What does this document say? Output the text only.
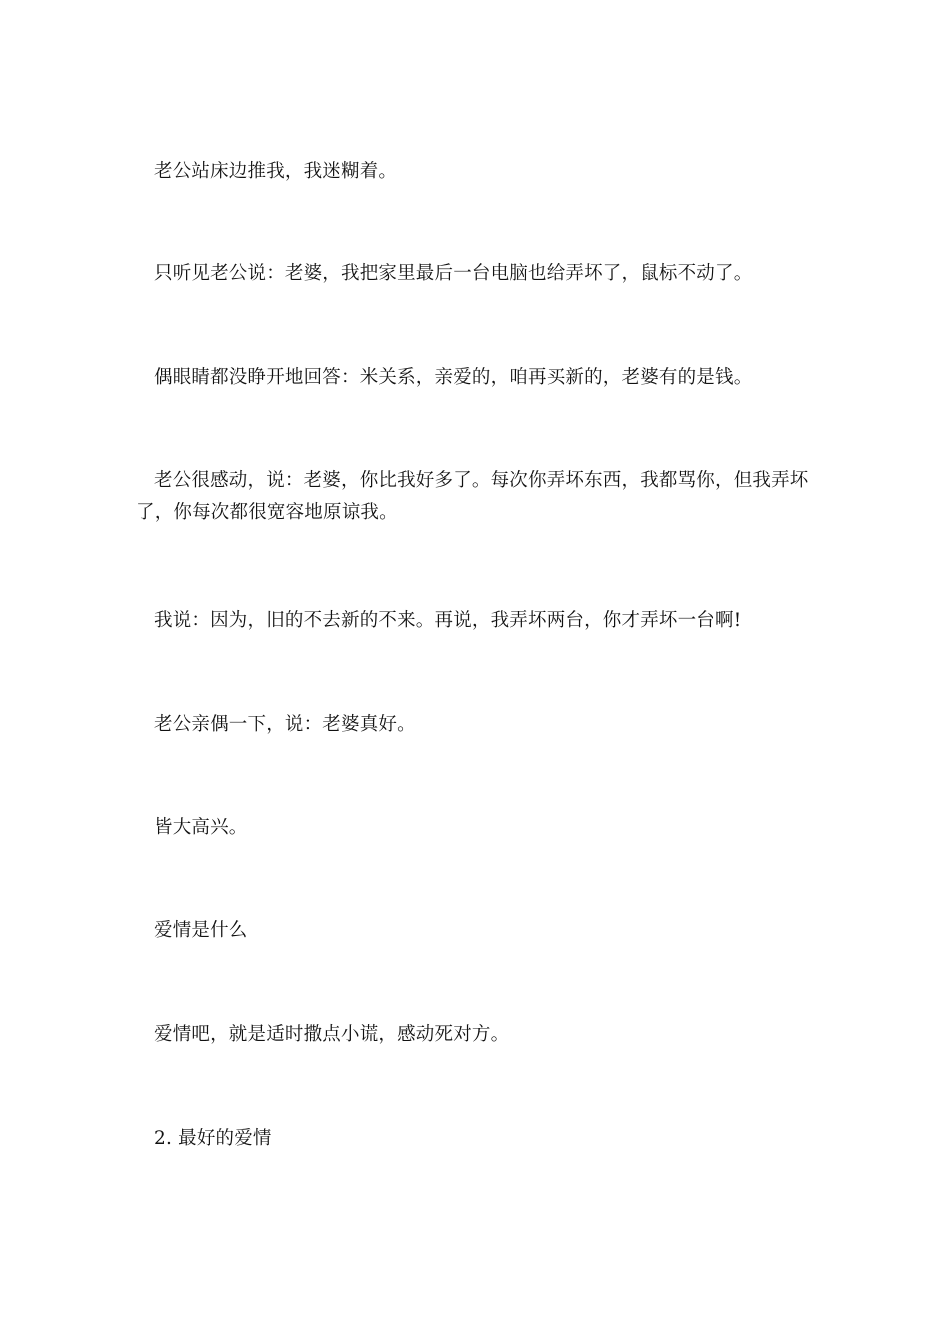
老公站床边推我，我迷糊着。

只听见老公说：老婆，我把家里最后一台电脑也给弄坏了，鼠标不动了。

偶眼睛都没睁开地回答：米关系，亲爱的，咱再买新的，老婆有的是钱。

老公很感动，说：老婆，你比我好多了。每次你弄坏东西，我都骂你，但我弄坏了，你每次都很宽容地原谅我。

我说：因为，旧的不去新的不来。再说，我弄坏两台，你才弄坏一台啊!

老公亲偶一下，说：老婆真好。

皆大高兴。

爱情是什么

爱情吧，就是适时撒点小谎，感动死对方。

2. 最好的爱情
